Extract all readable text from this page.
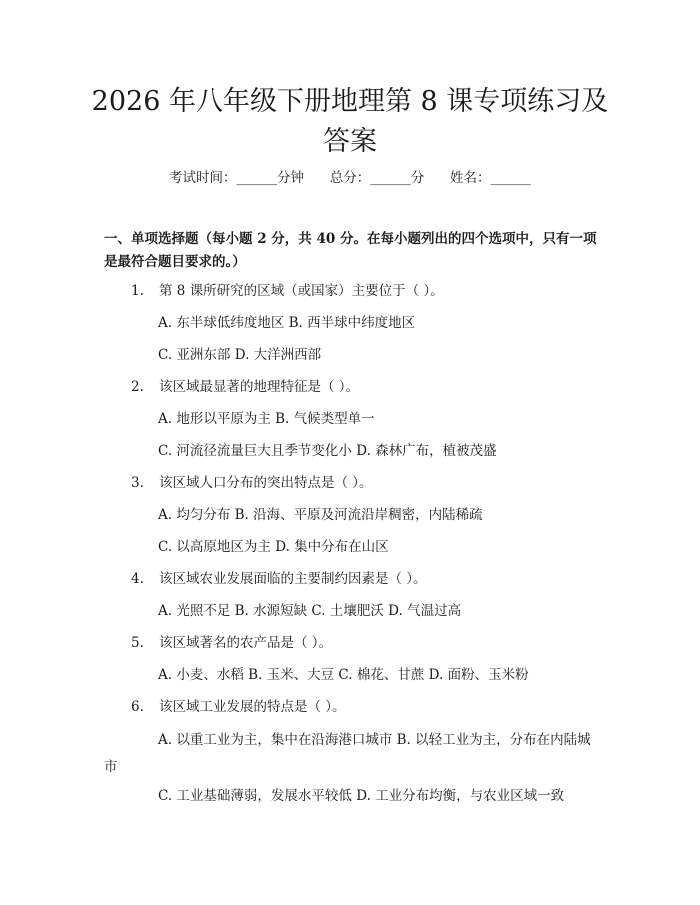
2026 年八年级下册地理第 8 课专项练习及答案
考试时间：______分钟 总分：______分 姓名：______
一、单项选择题（每小题 2 分，共 40 分。在每小题列出的四个选项中，只有一项是最符合题目要求的。）
1. 第 8 课所研究的区域（或国家）主要位于（ ）。
A. 东半球低纬度地区 B. 西半球中纬度地区
C. 亚洲东部 D. 大洋洲西部
2. 该区域最显著的地理特征是（ ）。
A. 地形以平原为主 B. 气候类型单一
C. 河流径流量巨大且季节变化小 D. 森林广布，植被茂盛
3. 该区域人口分布的突出特点是（ ）。
A. 均匀分布 B. 沿海、平原及河流沿岸稠密，内陆稀疏
C. 以高原地区为主 D. 集中分布在山区
4. 该区域农业发展面临的主要制约因素是（ ）。
A. 光照不足 B. 水源短缺 C. 土壤肥沃 D. 气温过高
5. 该区域著名的农产品是（ ）。
A. 小麦、水稻 B. 玉米、大豆 C. 棉花、甘蔗 D. 面粉、玉米粉
6. 该区域工业发展的特点是（ ）。
A. 以重工业为主，集中在沿海港口城市 B. 以轻工业为主，分布在内陆城市
C. 工业基础薄弱，发展水平较低 D. 工业分布均衡，与农业区域一致
